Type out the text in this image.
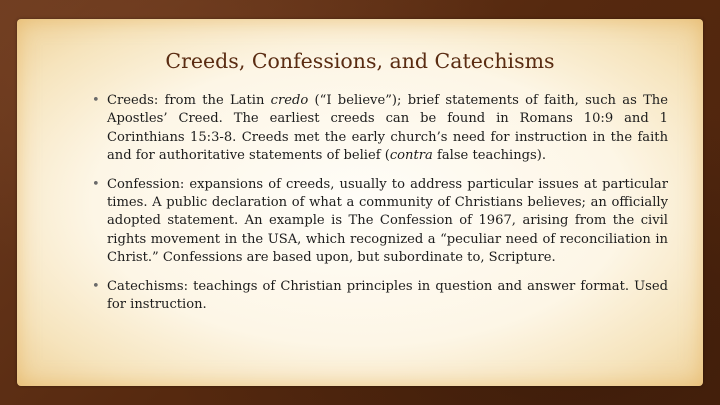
Creeds, Confessions, and Catechisms
• Creeds: from the Latin credo (“I believe”); brief statements of faith, such as The Apostles’ Creed. The earliest creeds can be found in Romans 10:9 and 1 Corinthians 15:3-8. Creeds met the early church’s need for instruction in the faith and for authoritative statements of belief (contra false teachings).
• Confession: expansions of creeds, usually to address particular issues at particular times. A public declaration of what a community of Christians believes; an officially adopted statement. An example is The Confession of 1967, arising from the civil rights movement in the USA, which recognized a “peculiar need of reconciliation in Christ.” Confessions are based upon, but subordinate to, Scripture.
• Catechisms: teachings of Christian principles in question and answer format. Used for instruction.
